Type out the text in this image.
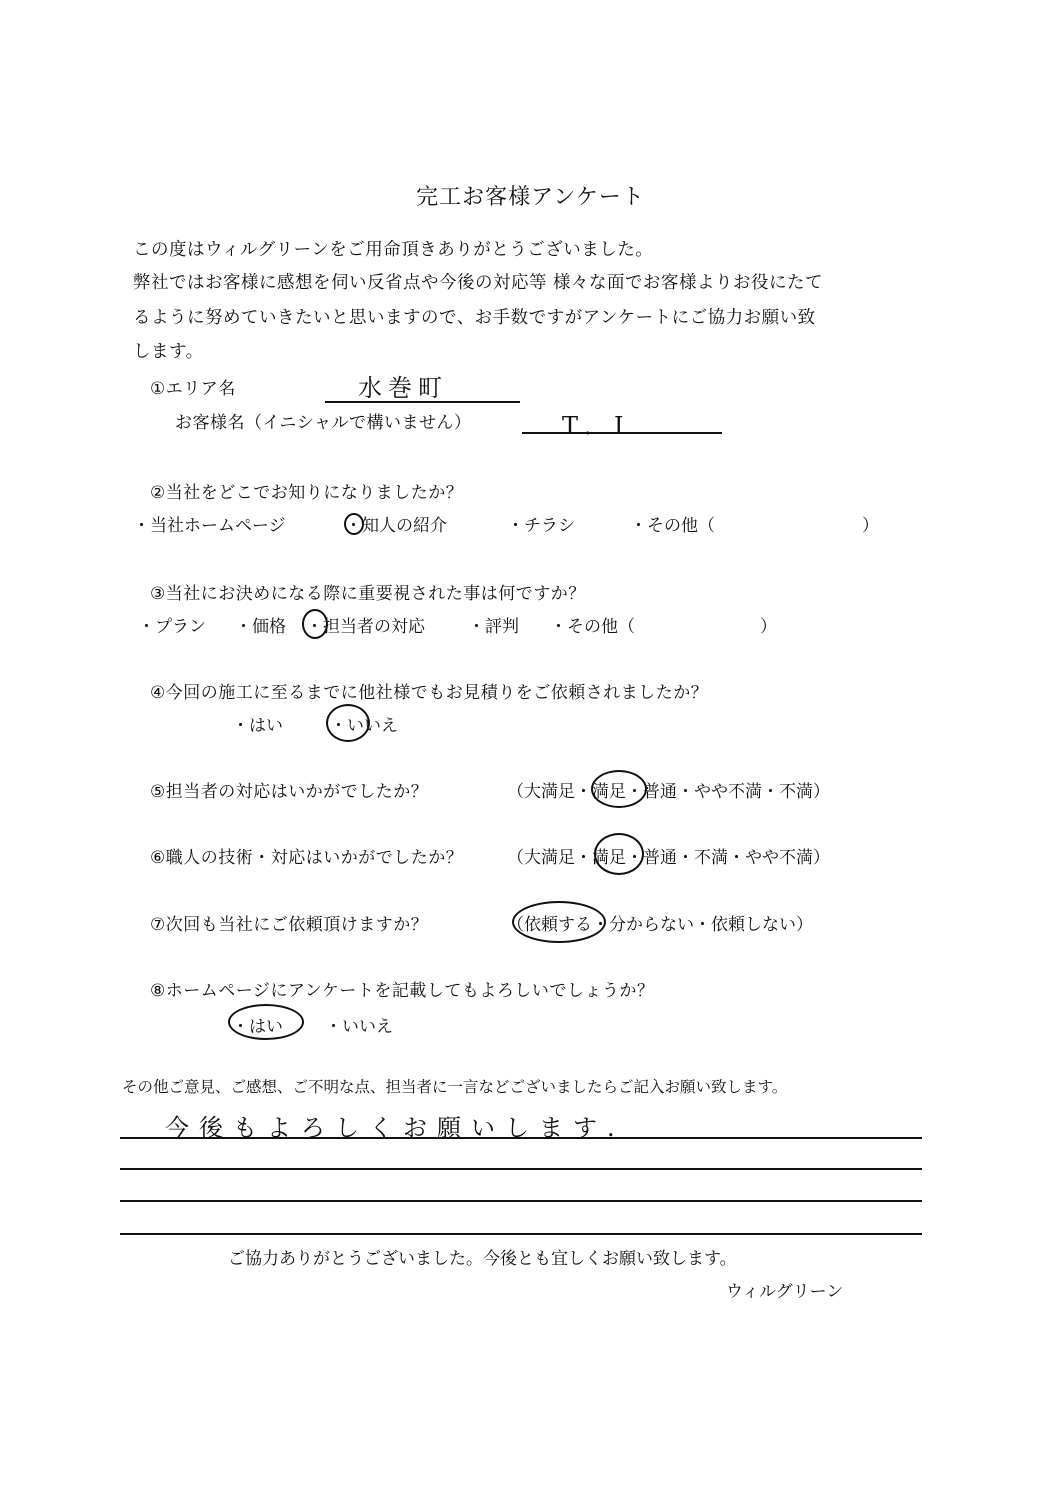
完工お客様アンケート
この度はウィルグリーンをご用命頂きありがとうございました。
弊社ではお客様に感想を伺い反省点や今後の対応等 様々な面でお客様よりお役にたて
るように努めていきたいと思いますので、お手数ですがアンケートにご協力お願い致
します。
①エリア名	水巻町
お客様名（イニシャルで構いません）	T．I
②当社をどこでお知りになりましたか？
・当社ホームページ	・知人の紹介	・チラシ	・その他（	）
③当社にお決めになる際に重要視された事は何ですか？
・プラン ・価格 ・担当者の対応	・評判 ・その他（	）
④今回の施工に至るまでに他社様でもお見積りをご依頼されましたか？
・はい	・いいえ
⑤担当者の対応はいかがでしたか？	（大満足・満足・普通・やや不満・不満）
⑥職人の技術・対応はいかがでしたか？	（大満足・満足・普通・不満・やや不満）
⑦次回も当社にご依頼頂けますか？	（依頼する・分からない・依頼しない）
⑧ホームページにアンケートを記載してもよろしいでしょうか？
・はい ・いいえ
その他ご意見、ご感想、ご不明な点、担当者に一言などございましたらご記入お願い致します。
今後もよろしくお願いします.
ご協力ありがとうございました。今後とも宜しくお願い致します。
ウィルグリーン
